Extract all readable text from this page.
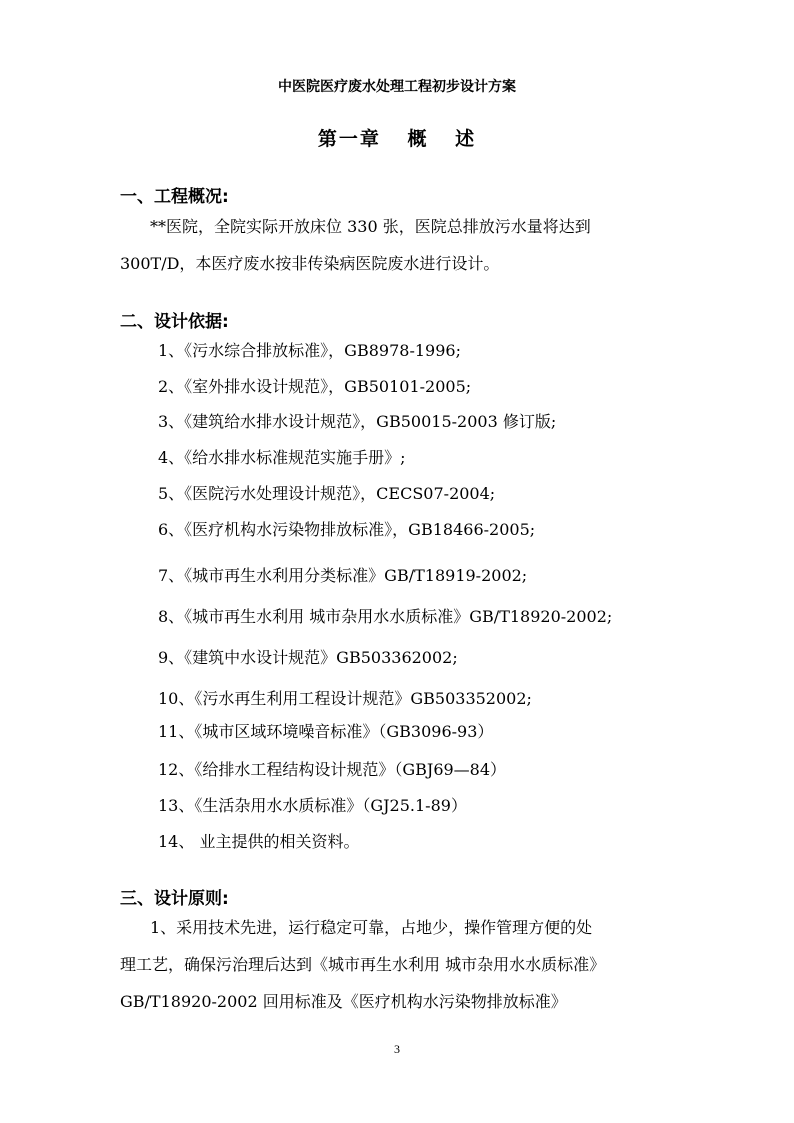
中医院医疗废水处理工程初步设计方案
第一章 概 述
一、工程概况:
**医院，全院实际开放床位 330 张，医院总排放污水量将达到
300T/D，本医疗废水按非传染病医院废水进行设计。
二、设计依据:
1、《污水综合排放标准》，GB8978-1996;
2、《室外排水设计规范》，GB50101-2005;
3、《建筑给水排水设计规范》，GB50015-2003 修订版;
4、《给水排水标准规范实施手册》;
5、《医院污水处理设计规范》，CECS07-2004;
6、《医疗机构水污染物排放标准》，GB18466-2005;
7、《城市再生水利用分类标准》GB/T18919-2002;
8、《城市再生水利用 城市杂用水水质标准》GB/T18920-2002;
9、《建筑中水设计规范》GB503362002;
10、《污水再生利用工程设计规范》GB503352002;
11、《城市区域环境噪音标准》（GB3096-93）
12、《给排水工程结构设计规范》（GBJ69—84）
13、《生活杂用水水质标准》（GJ25.1-89）
14、 业主提供的相关资料。
三、设计原则:
1、采用技术先进，运行稳定可靠，占地少，操作管理方便的处
理工艺，确保污治理后达到《城市再生水利用 城市杂用水水质标准》
GB/T18920-2002 回用标准及《医疗机构水污染物排放标准》
3
